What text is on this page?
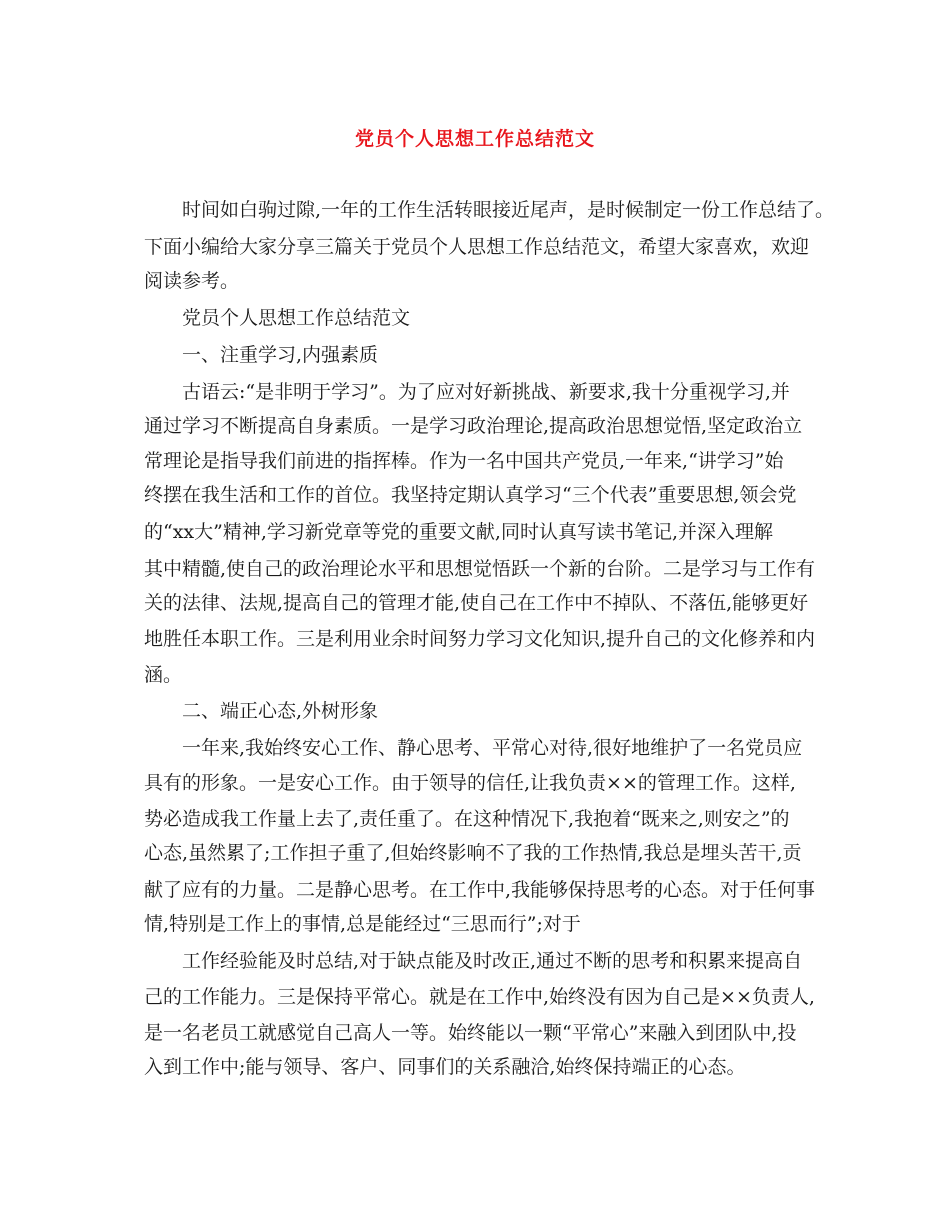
党员个人思想工作总结范文
时间如白驹过隙,一年的工作生活转眼接近尾声，是时候制定一份工作总结了。
下面小编给大家分享三篇关于党员个人思想工作总结范文，希望大家喜欢，欢迎
阅读参考。
党员个人思想工作总结范文
一、注重学习,内强素质
古语云:“是非明于学习”。为了应对好新挑战、新要求,我十分重视学习,并
通过学习不断提高自身素质。一是学习政治理论,提高政治思想觉悟,坚定政治立
常理论是指导我们前进的指挥棒。作为一名中国共产党员,一年来,“讲学习”始
终摆在我生活和工作的首位。我坚持定期认真学习“三个代表”重要思想,领会党
的“xx大”精神,学习新党章等党的重要文献,同时认真写读书笔记,并深入理解
其中精髓,使自己的政治理论水平和思想觉悟跃一个新的台阶。二是学习与工作有
关的法律、法规,提高自己的管理才能,使自己在工作中不掉队、不落伍,能够更好
地胜任本职工作。三是利用业余时间努力学习文化知识,提升自己的文化修养和内
涵。
二、端正心态,外树形象
一年来,我始终安心工作、静心思考、平常心对待,很好地维护了一名党员应
具有的形象。一是安心工作。由于领导的信任,让我负责××的管理工作。这样,
势必造成我工作量上去了,责任重了。在这种情况下,我抱着“既来之,则安之”的
心态,虽然累了;工作担子重了,但始终影响不了我的工作热情,我总是埋头苦干,贡
献了应有的力量。二是静心思考。在工作中,我能够保持思考的心态。对于任何事
情,特别是工作上的事情,总是能经过“三思而行”;对于
工作经验能及时总结,对于缺点能及时改正,通过不断的思考和积累来提高自
己的工作能力。三是保持平常心。就是在工作中,始终没有因为自己是××负责人,
是一名老员工就感觉自己高人一等。始终能以一颗“平常心”来融入到团队中,投
入到工作中;能与领导、客户、同事们的关系融洽,始终保持端正的心态。
